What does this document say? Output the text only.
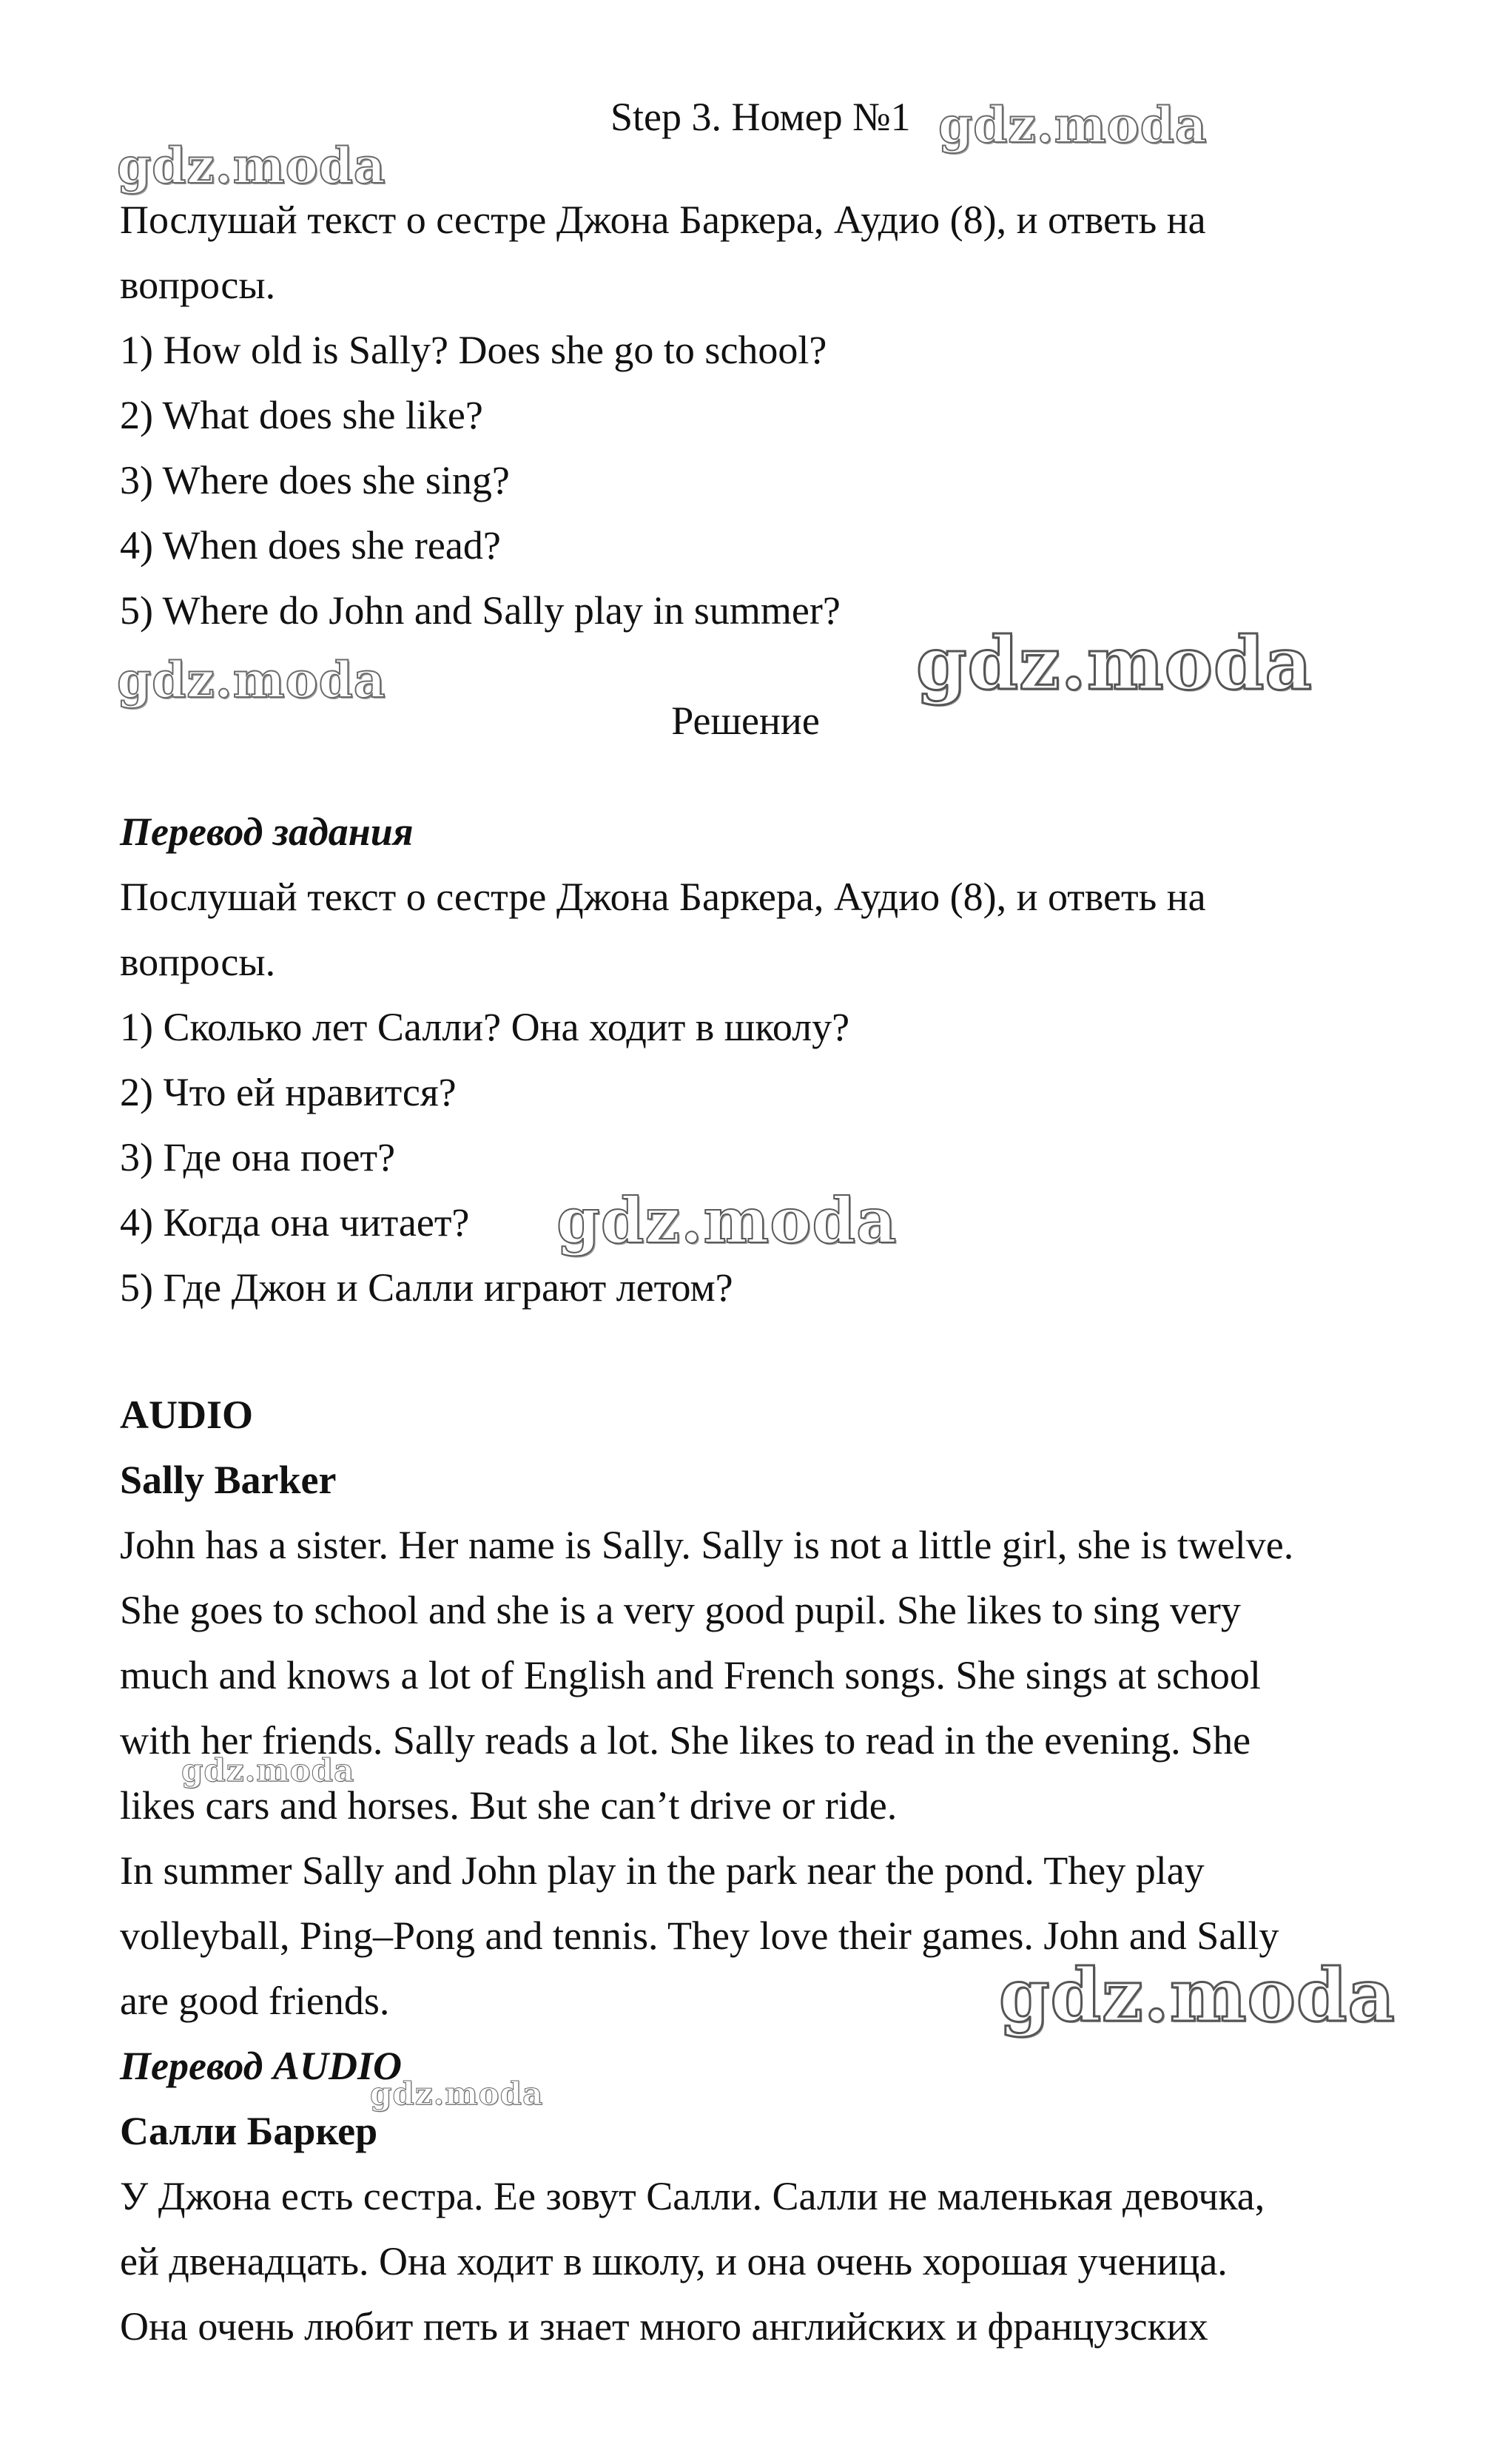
Step 3. Номер №1
Послушай текст о сестре Джона Баркера, Аудио (8), и ответь на
вопросы.
1) How old is Sally? Does she go to school?
2) What does she like?
3) Where does she sing?
4) When does she read?
5) Where do John and Sally play in summer?
Решение
Перевод задания
Послушай текст о сестре Джона Баркера, Аудио (8), и ответь на
вопросы.
1) Сколько лет Салли? Она ходит в школу?
2) Что ей нравится?
3) Где она поет?
4) Когда она читает?
5) Где Джон и Салли играют летом?
AUDIO
Sally Barker
John has a sister. Her name is Sally. Sally is not a little girl, she is twelve.
She goes to school and she is a very good pupil. She likes to sing very
much and knows a lot of English and French songs. She sings at school
with her friends. Sally reads a lot. She likes to read in the evening. She
likes cars and horses. But she can’t drive or ride.
In summer Sally and John play in the park near the pond. They play
volleyball, Ping–Pong and tennis. They love their games. John and Sally
are good friends.
Перевод AUDIO
Салли Баркер
У Джона есть сестра. Ее зовут Салли. Салли не маленькая девочка,
ей двенадцать. Она ходит в школу, и она очень хорошая ученица.
Она очень любит петь и знает много английских и французских
gdz.moda
gdz.moda
gdz.moda	gdz.moda
gdz.moda
gdz.moda
gdz.moda
gdz.moda
